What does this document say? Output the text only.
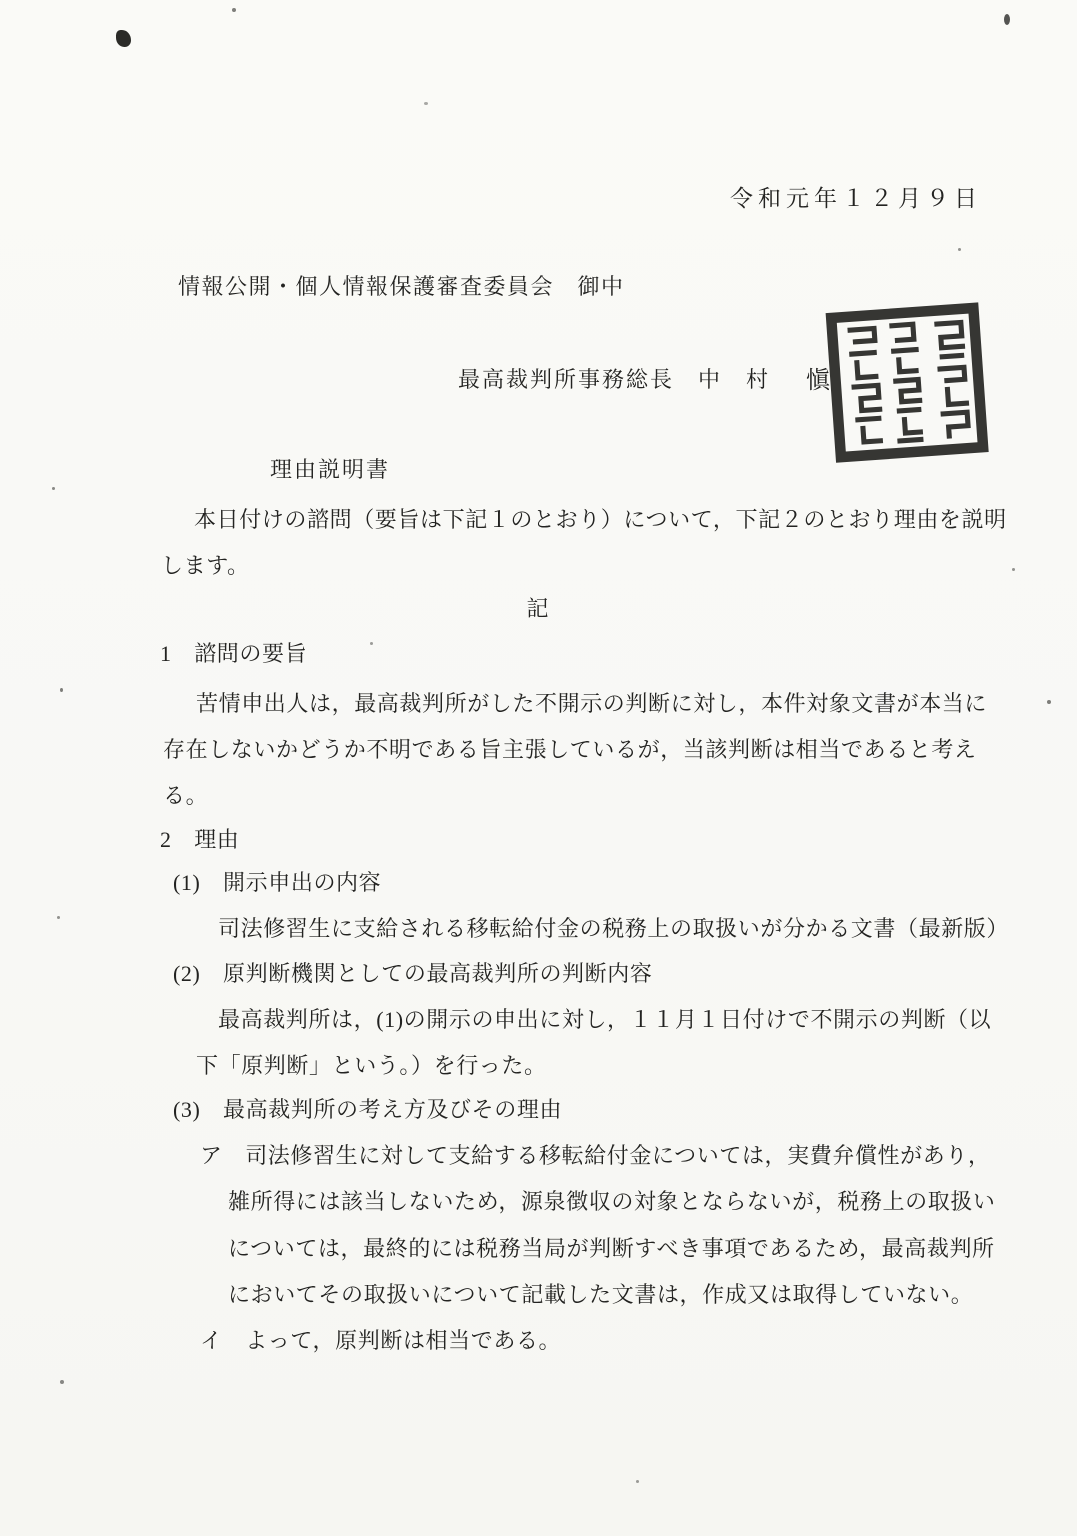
令和元年１２月９日
情報公開・個人情報保護審査委員会　御中
最高裁判所事務総長　中　村 愼
理由説明書
本日付けの諮問（要旨は下記１のとおり）について，下記２のとおり理由を説明
します。
記
1　諮問の要旨
苦情申出人は，最高裁判所がした不開示の判断に対し，本件対象文書が本当に
存在しないかどうか不明である旨主張しているが，当該判断は相当であると考え
る。
2　理由
(1)　開示申出の内容
司法修習生に支給される移転給付金の税務上の取扱いが分かる文書（最新版）
(2)　原判断機関としての最高裁判所の判断内容
最高裁判所は，(1)の開示の申出に対し，１１月１日付けで不開示の判断（以
下「原判断」という。）を行った。
(3)　最高裁判所の考え方及びその理由
ア　司法修習生に対して支給する移転給付金については，実費弁償性があり，
雑所得には該当しないため，源泉徴収の対象とならないが，税務上の取扱い
については，最終的には税務当局が判断すべき事項であるため，最高裁判所
においてその取扱いについて記載した文書は，作成又は取得していない。
イ　よって，原判断は相当である。
